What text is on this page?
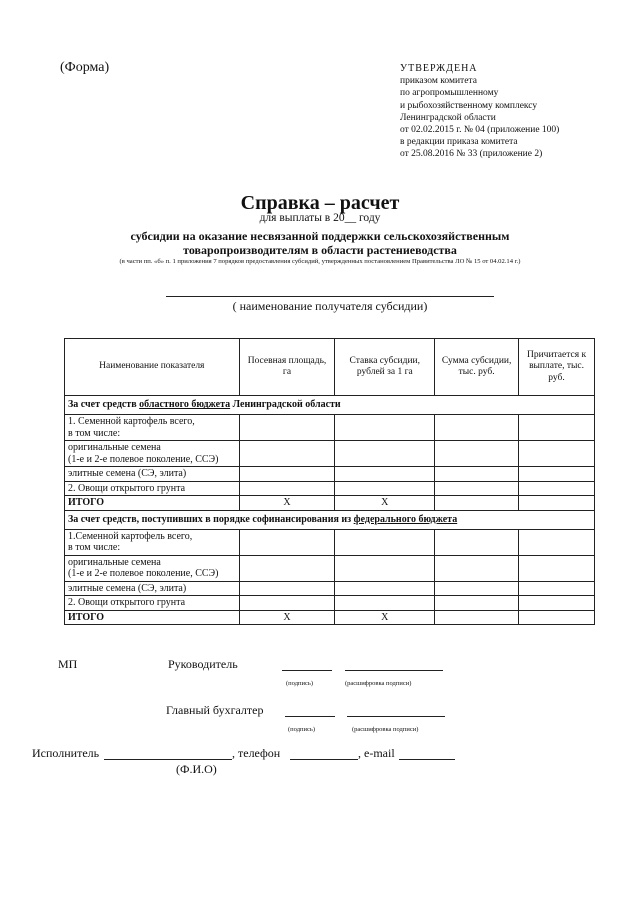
(Форма)	УТВЕРЖДЕНА
приказом комитета
по агропромышленному
и рыбохозяйственному комплексу
Ленинградской области
от 02.02.2015 г. № 04 (приложение 100)
в редакции приказа комитета
от 25.08.2016 № 33 (приложение 2)
Справка – расчет
для выплаты в 20__ году
субсидии на оказание несвязанной поддержки сельскохозяйственным
товаропроизводителям в области растениеводства
(в части пп. «б» п. 1 приложения 7 порядков предоставления субсидий, утвержденных постановлением Правительства ЛО № 15 от 04.02.14 г.)
( наименование получателя субсидии)
Наименование показателя	Посевная площадь, га	Ставка субсидии, рублей за 1 га	Сумма субсидии, тыс. руб.	Причитается к выплате, тыс. руб.
За счет средств областного бюджета Ленинградской области				
1. Семенной картофель всего,
в том числе:				
оригинальные семена
(1-е и 2-е полевое поколение, ССЭ)				
элитные семена (СЭ, элита)				
2. Овощи открытого грунта				
ИТОГО	Х	Х		
За счет средств, поступивших в порядке софинансирования из федерального бюджета				
1.Семенной картофель всего,
в том числе:				
оригинальные семена
(1-е и 2-е полевое поколение, ССЭ)				
элитные семена (СЭ, элита)				
2. Овощи открытого грунта				
ИТОГО	Х	Х		
МП	Руководитель
(подпись)	(расшифровка подписи)
Главный бухгалтер
(подпись)	(расшифровка подписи)
Исполнитель	, телефон	, e-mail
(Ф.И.О)
